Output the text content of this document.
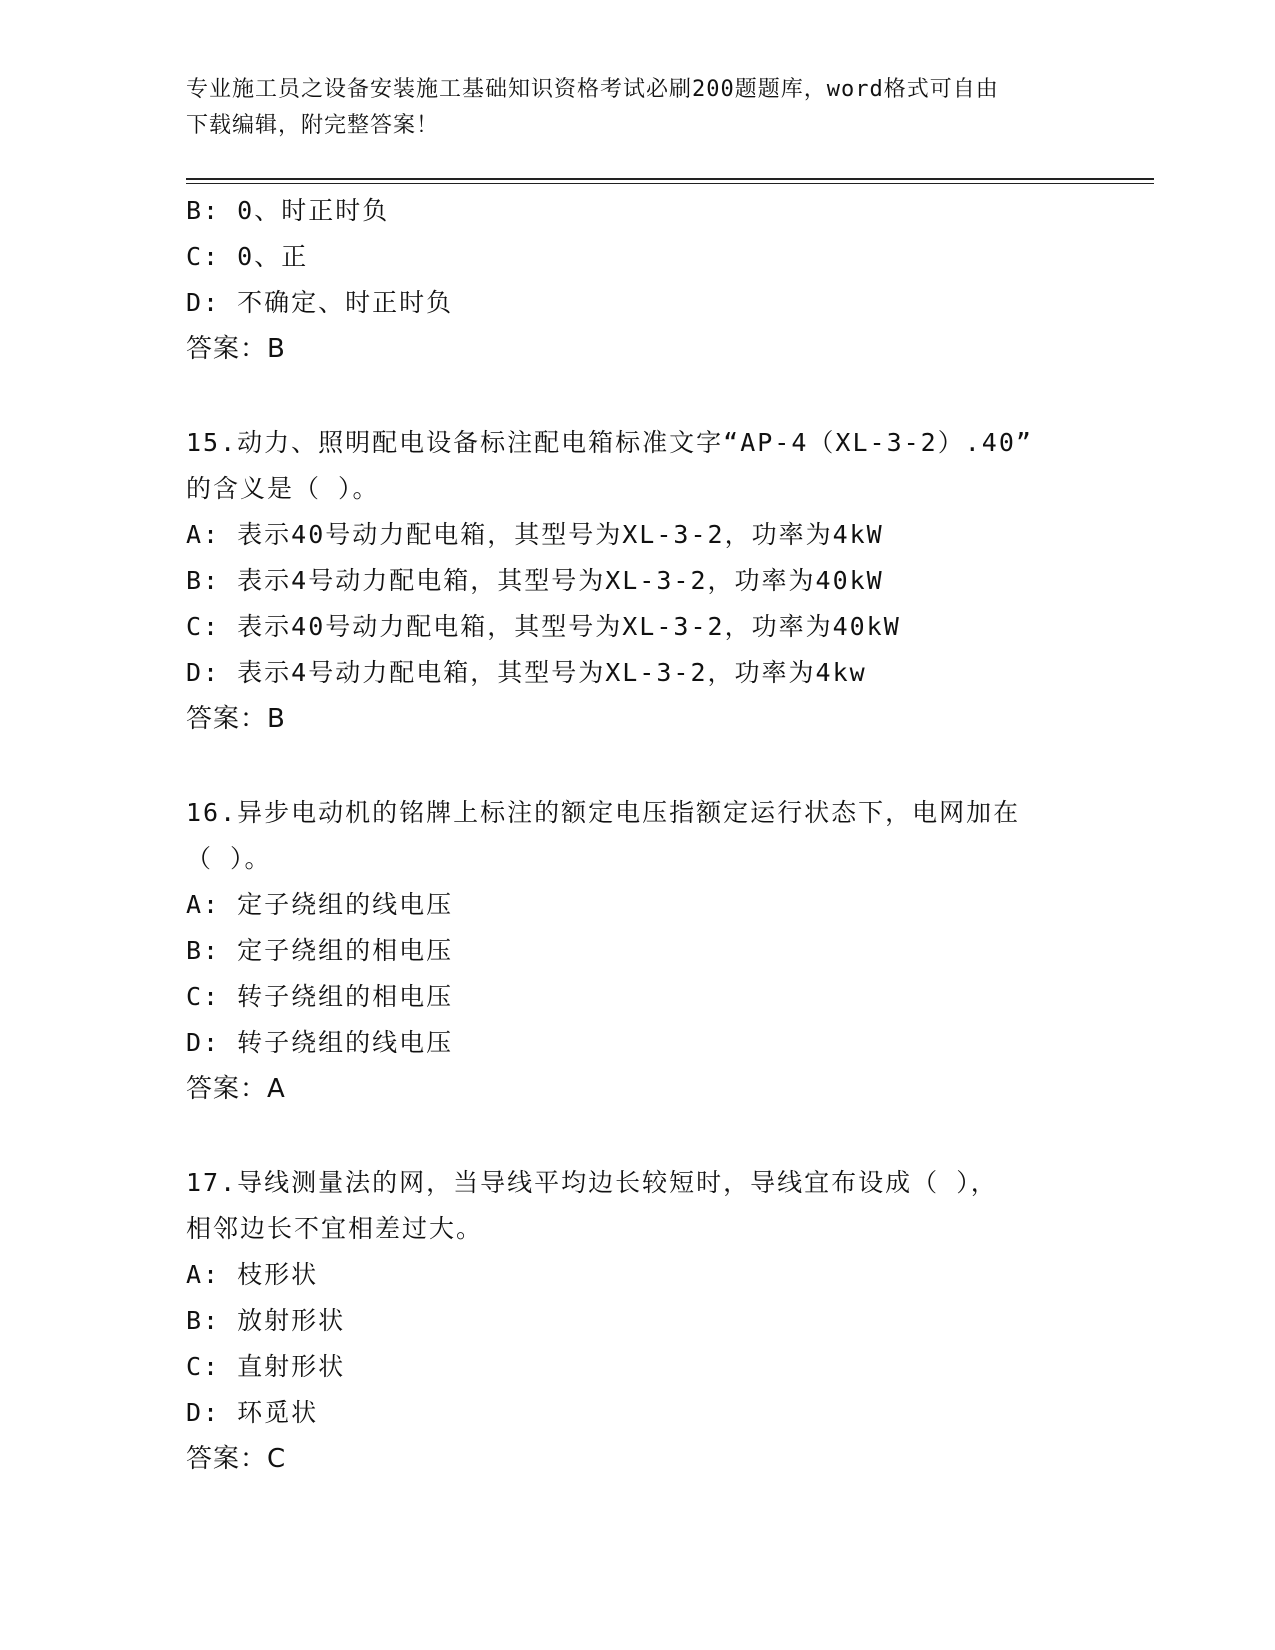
专业施工员之设备安装施工基础知识资格考试必刷200题题库，word格式可自由
下载编辑，附完整答案！
B: 0、时正时负
C: 0、正
D: 不确定、时正时负
答案：B
15.动力、照明配电设备标注配电箱标准文字“AP-4（XL-3-2）.40”
的含义是（ ）。
A: 表示40号动力配电箱，其型号为XL-3-2，功率为4kW
B: 表示4号动力配电箱，其型号为XL-3-2，功率为40kW
C: 表示40号动力配电箱，其型号为XL-3-2，功率为40kW
D: 表示4号动力配电箱，其型号为XL-3-2，功率为4kw
答案：B
16.异步电动机的铭牌上标注的额定电压指额定运行状态下，电网加在
（ ）。
A: 定子绕组的线电压
B: 定子绕组的相电压
C: 转子绕组的相电压
D: 转子绕组的线电压
答案：A
17.导线测量法的网，当导线平均边长较短时，导线宜布设成（ ），
相邻边长不宜相差过大。
A: 枝形状
B: 放射形状
C: 直射形状
D: 环觅状
答案：C
